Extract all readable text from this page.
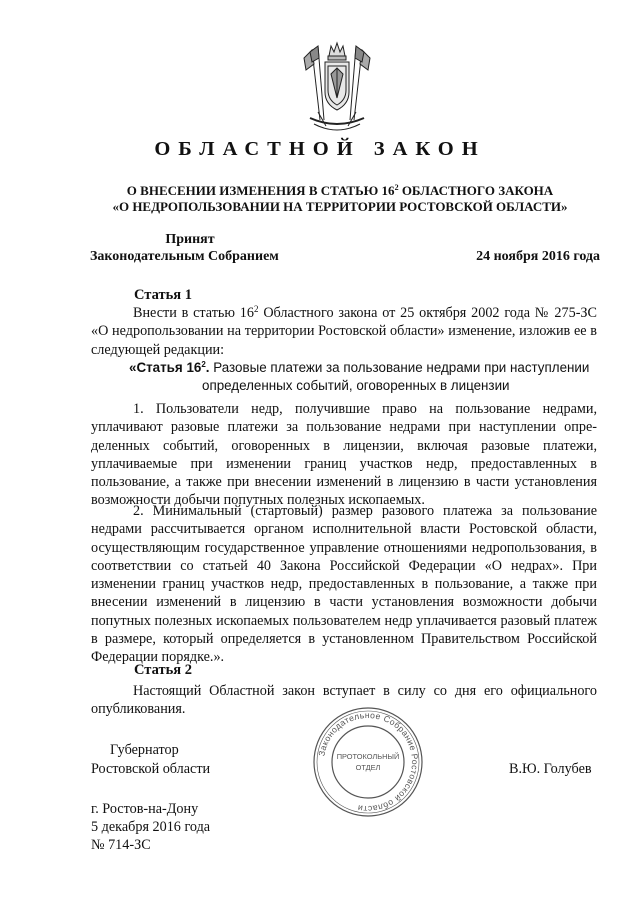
ОБЛАСТНОЙ ЗАКОН
О ВНЕСЕНИИ ИЗМЕНЕНИЯ В СТАТЬЮ $16^2$ ОБЛАСТНОГО ЗАКОНА
«О НЕДРОПОЛЬЗОВАНИИ НА ТЕРРИТОРИИ РОСТОВСКОЙ ОБЛАСТИ»
Принят
Законодательным Собранием	24 ноября 2016 года
Статья 1

Внести в статью $16^2$ Областного закона от 25 октября 2002 года № 275-ЗС «О недропользовании на территории Ростовской области» изменение, изложив ее в следующей редакции:

«Статья $16^2$. Разовые платежи за пользование недрами при наступлении
определенных событий, оговоренных в лицензии

1. Пользователи недр, получившие право на пользование недрами, уплачивают разовые платежи за пользование недрами при наступлении определенных событий, оговоренных в лицензии, включая разовые платежи, уплачиваемые при изменении границ участков недр, предоставленных в пользование, а также при внесении изменений в лицензию в части установления возможности добычи попутных полезных ископаемых.

2. Минимальный (стартовый) размер разового платежа за пользование недрами рассчитывается органом исполнительной власти Ростовской области, осуществляющим государственное управление отношениями недропользования, в соответствии со статьей 40 Закона Российской Федерации «О недрах». При изменении границ участков недр, предоставленных в пользование, а также при внесении изменений в лицензию в части установления возможности добычи попутных полезных ископаемых пользователем недр уплачивается разовый платеж в размере, который определяется в установленном Правительством Российской Федерации порядке.».

Статья 2

Настоящий Областной закон вступает в силу со дня его официального опубликования.

Законодательное Собрание Ростовской области
ПРОТОКОЛЬНЫЙ
ОТДЕЛ
Губернатор
Ростовской области	В.Ю. Голубев
г. Ростов-на-Дону
5 декабря 2016 года
№ 714-ЗС
